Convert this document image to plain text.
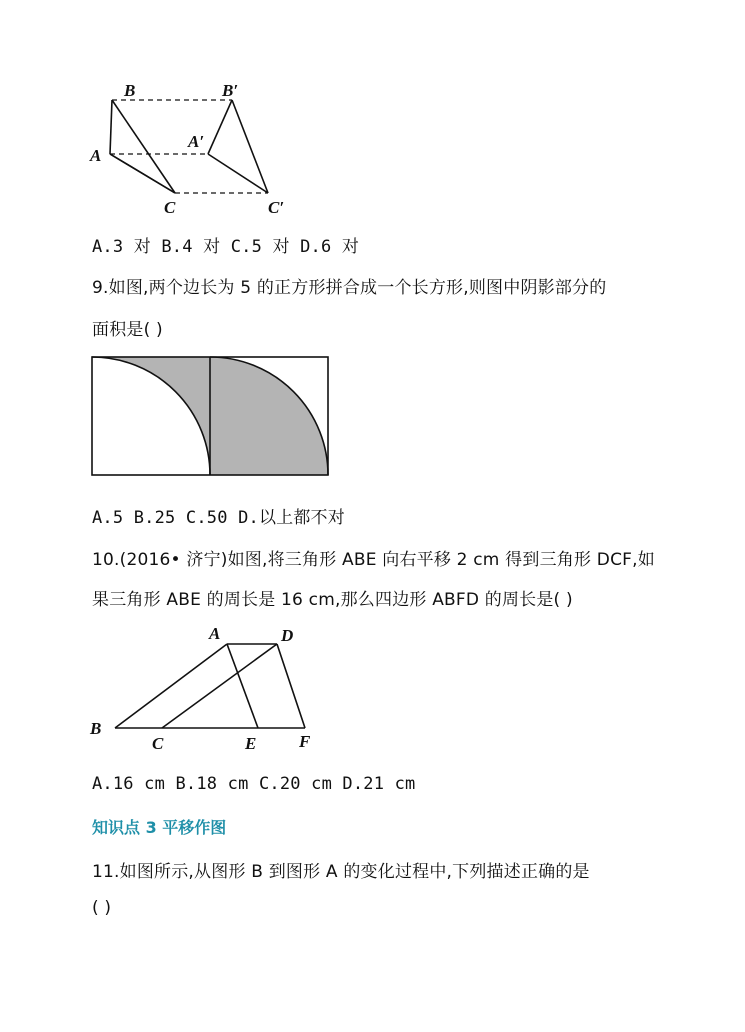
B	B′
A
A′
C	C′
A.3 对 B.4 对 C.5 对 D.6 对
9.如图,两个边长为 5 的正方形拼合成一个长方形,则图中阴影部分的
面积是( )
A.5 B.25 C.50 D.以上都不对
10.(2016• 济宁)如图,将三角形 ABE 向右平移 2 cm 得到三角形 DCF,如
果三角形 ABE 的周长是 16 cm,那么四边形 ABFD 的周长是( )
A	D
B
C	E	F
A.16 cm B.18 cm C.20 cm D.21 cm
知识点 3 平移作图
11.如图所示,从图形 B 到图形 A 的变化过程中,下列描述正确的是
( )
